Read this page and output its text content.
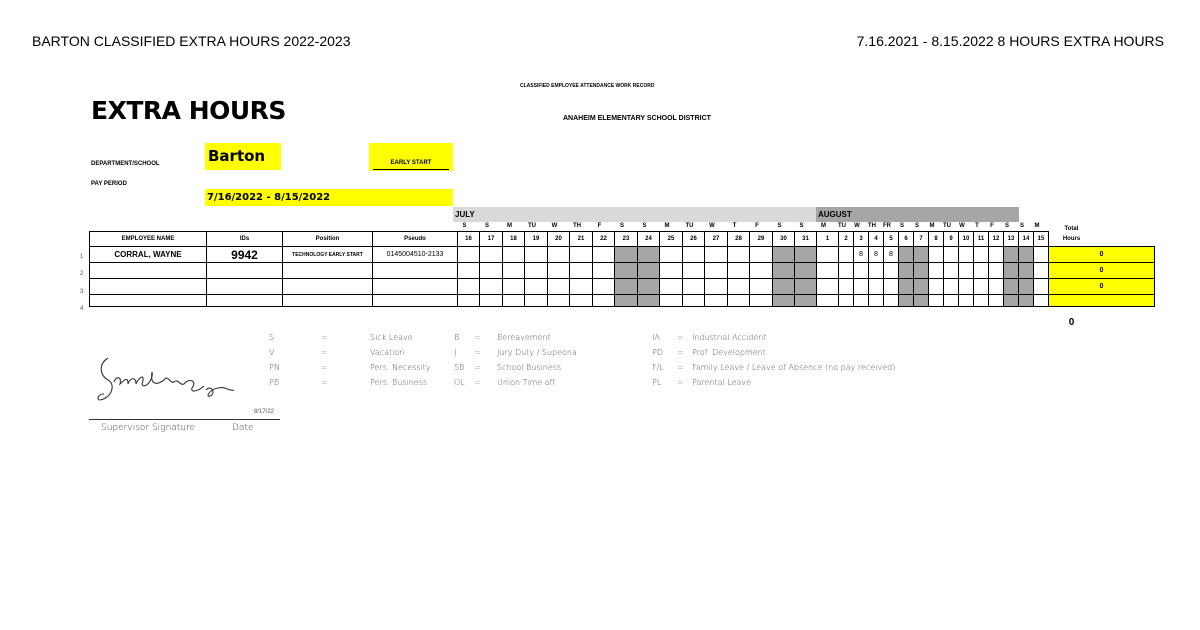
BARTON CLASSIFIED EXTRA HOURS 2022-2023	7.16.2021 - 8.15.2022 8 HOURS EXTRA HOURS
CLASSIFIED EMPLOYEE ATTENDANCE WORK RECORD
EXTRA HOURS	ANAHEIM ELEMENTARY SCHOOL DISTRICT
DEPARTMENT/SCHOOL	Barton	EARLY START
PAY PERIOD
7/16/2022 - 8/15/2022
JULY	AUGUST
S	S	M	TU	W	TH	F	S	S	M	TU	W	T	F	S	S	M	TU	W	TH	FR	S	S	M	TU	W	T	F	S	S	M	Total
Hours
EMPLOYEE NAME	IDs	Position	Pseudo	16	17	18	19	20	21	22	23	24	25	26	27	28	29	30	31	1	2	3	4	5	6	7	8	9	10	11	12	13	14	15	
CORRAL, WAYNE	9942	TECHNOLOGY EARLY START	0145004510-2133																			8	8	8											0
																																			0
																																			0

1
2
3
4
0
S	=	Sick Leave
V	=	Vacation
PN	=	Pers. Necessity
PB	=	Pers. Business
B = Bereavement
J = Jury Duty / Supeona
SB = School Business
OL = Union Time off
IA = Industrial Accident
PD = Prof. Development
F/L = Family Leave / Leave of Absence (no pay received)
PL = Parental Leave
8/17/22
Supervisor Signature	Date
